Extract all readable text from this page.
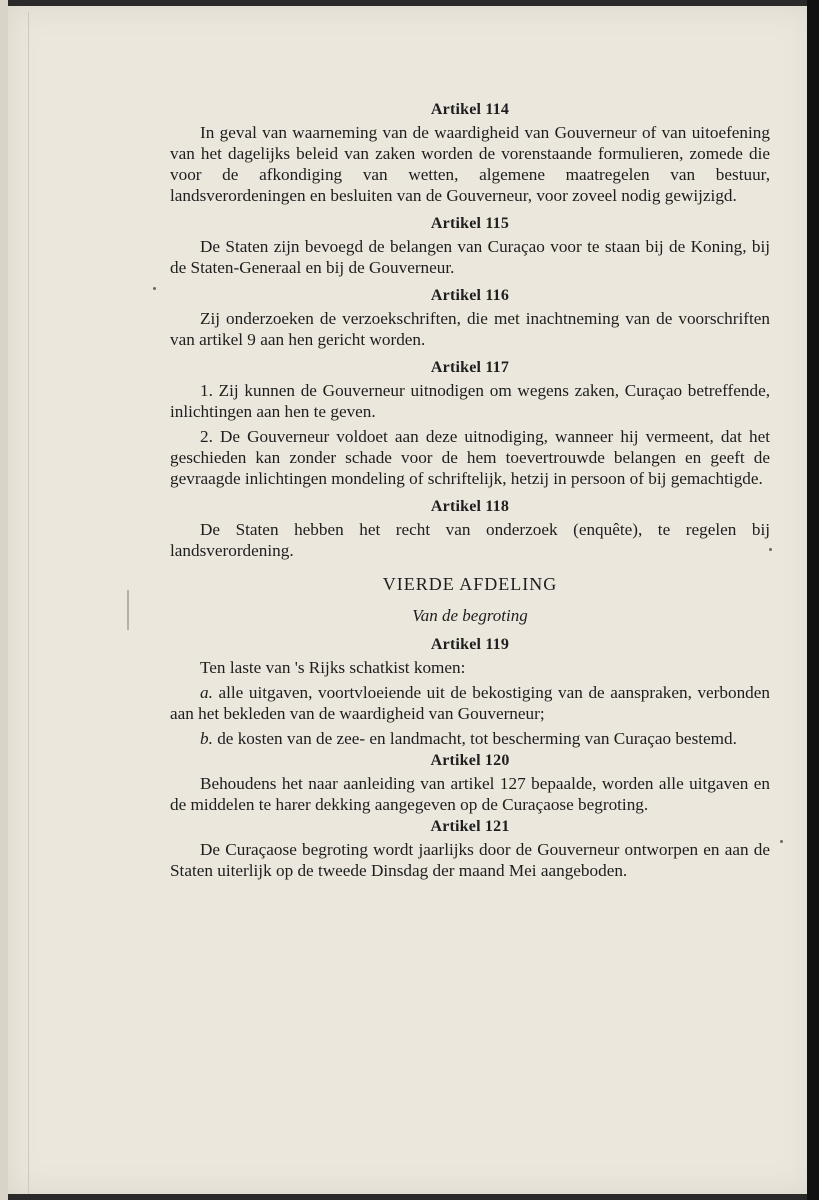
Artikel 114

In geval van waarneming van de waardigheid van Gouverneur of van uitoefening van het dagelijks beleid van zaken worden de vorenstaande formulieren, zomede die voor de afkondiging van wetten, algemene maatregelen van bestuur, landsverordeningen en besluiten van de Gouverneur, voor zoveel nodig gewijzigd.

Artikel 115

De Staten zijn bevoegd de belangen van Curaçao voor te staan bij de Koning, bij de Staten-Generaal en bij de Gouverneur.

Artikel 116

Zij onderzoeken de verzoekschriften, die met inachtneming van de voorschriften van artikel 9 aan hen gericht worden.

Artikel 117

1. Zij kunnen de Gouverneur uitnodigen om wegens zaken, Curaçao betreffende, inlichtingen aan hen te geven.

2. De Gouverneur voldoet aan deze uitnodiging, wanneer hij vermeent, dat het geschieden kan zonder schade voor de hem toevertrouwde belangen en geeft de gevraagde inlichtingen mondeling of schriftelijk, hetzij in persoon of bij gemachtigde.

Artikel 118

De Staten hebben het recht van onderzoek (enquête), te regelen bij landsverordening.

VIERDE AFDELING
Van de begroting
Artikel 119

Ten laste van 's Rijks schatkist komen:

a. alle uitgaven, voortvloeiende uit de bekostiging van de aanspraken, verbonden aan het bekleden van de waardigheid van Gouverneur;

b. de kosten van de zee- en landmacht, tot bescherming van Curaçao bestemd.

Artikel 120

Behoudens het naar aanleiding van artikel 127 bepaalde, worden alle uitgaven en de middelen te harer dekking aangegeven op de Curaçaose begroting.

Artikel 121

De Curaçaose begroting wordt jaarlijks door de Gouverneur ontworpen en aan de Staten uiterlijk op de tweede Dinsdag der maand Mei aangeboden.
